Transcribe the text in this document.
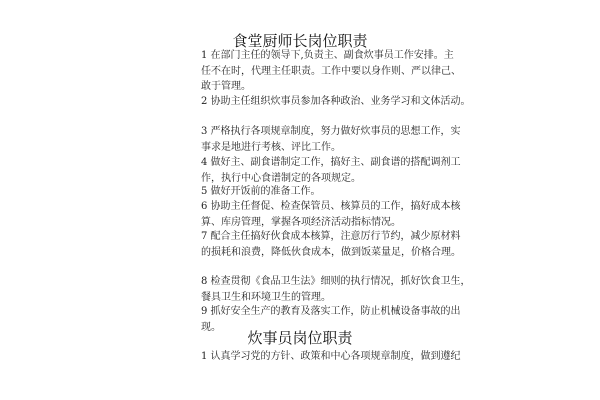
食堂厨师长岗位职责
1 在部门主任的领导下,负责主、副食炊事员工作安排。主
任不在时，代理主任职责。工作中要以身作则、严以律己、
敢于管理。
2 协助主任组织炊事员参加各种政治、业务学习和文体活动。
3 严格执行各项规章制度，努力做好炊事员的思想工作，实
事求是地进行考核、评比工作。
4 做好主、副食谱制定工作，搞好主、副食谱的搭配调剂工
作，执行中心食谱制定的各项规定。
5 做好开饭前的准备工作。
6 协助主任督促、检查保管员、核算员的工作，搞好成本核
算、库房管理，掌握各项经济活动指标情况。
7 配合主任搞好伙食成本核算，注意厉行节约，减少原材料
的损耗和浪费，降低伙食成本，做到饭菜量足，价格合理。
8 检查贯彻《食品卫生法》细则的执行情况，抓好饮食卫生，
餐具卫生和环境卫生的管理。
9 抓好安全生产的教育及落实工作，防止机械设备事故的出
现。
炊事员岗位职责
1 认真学习党的方针、政策和中心各项规章制度，做到遵纪
